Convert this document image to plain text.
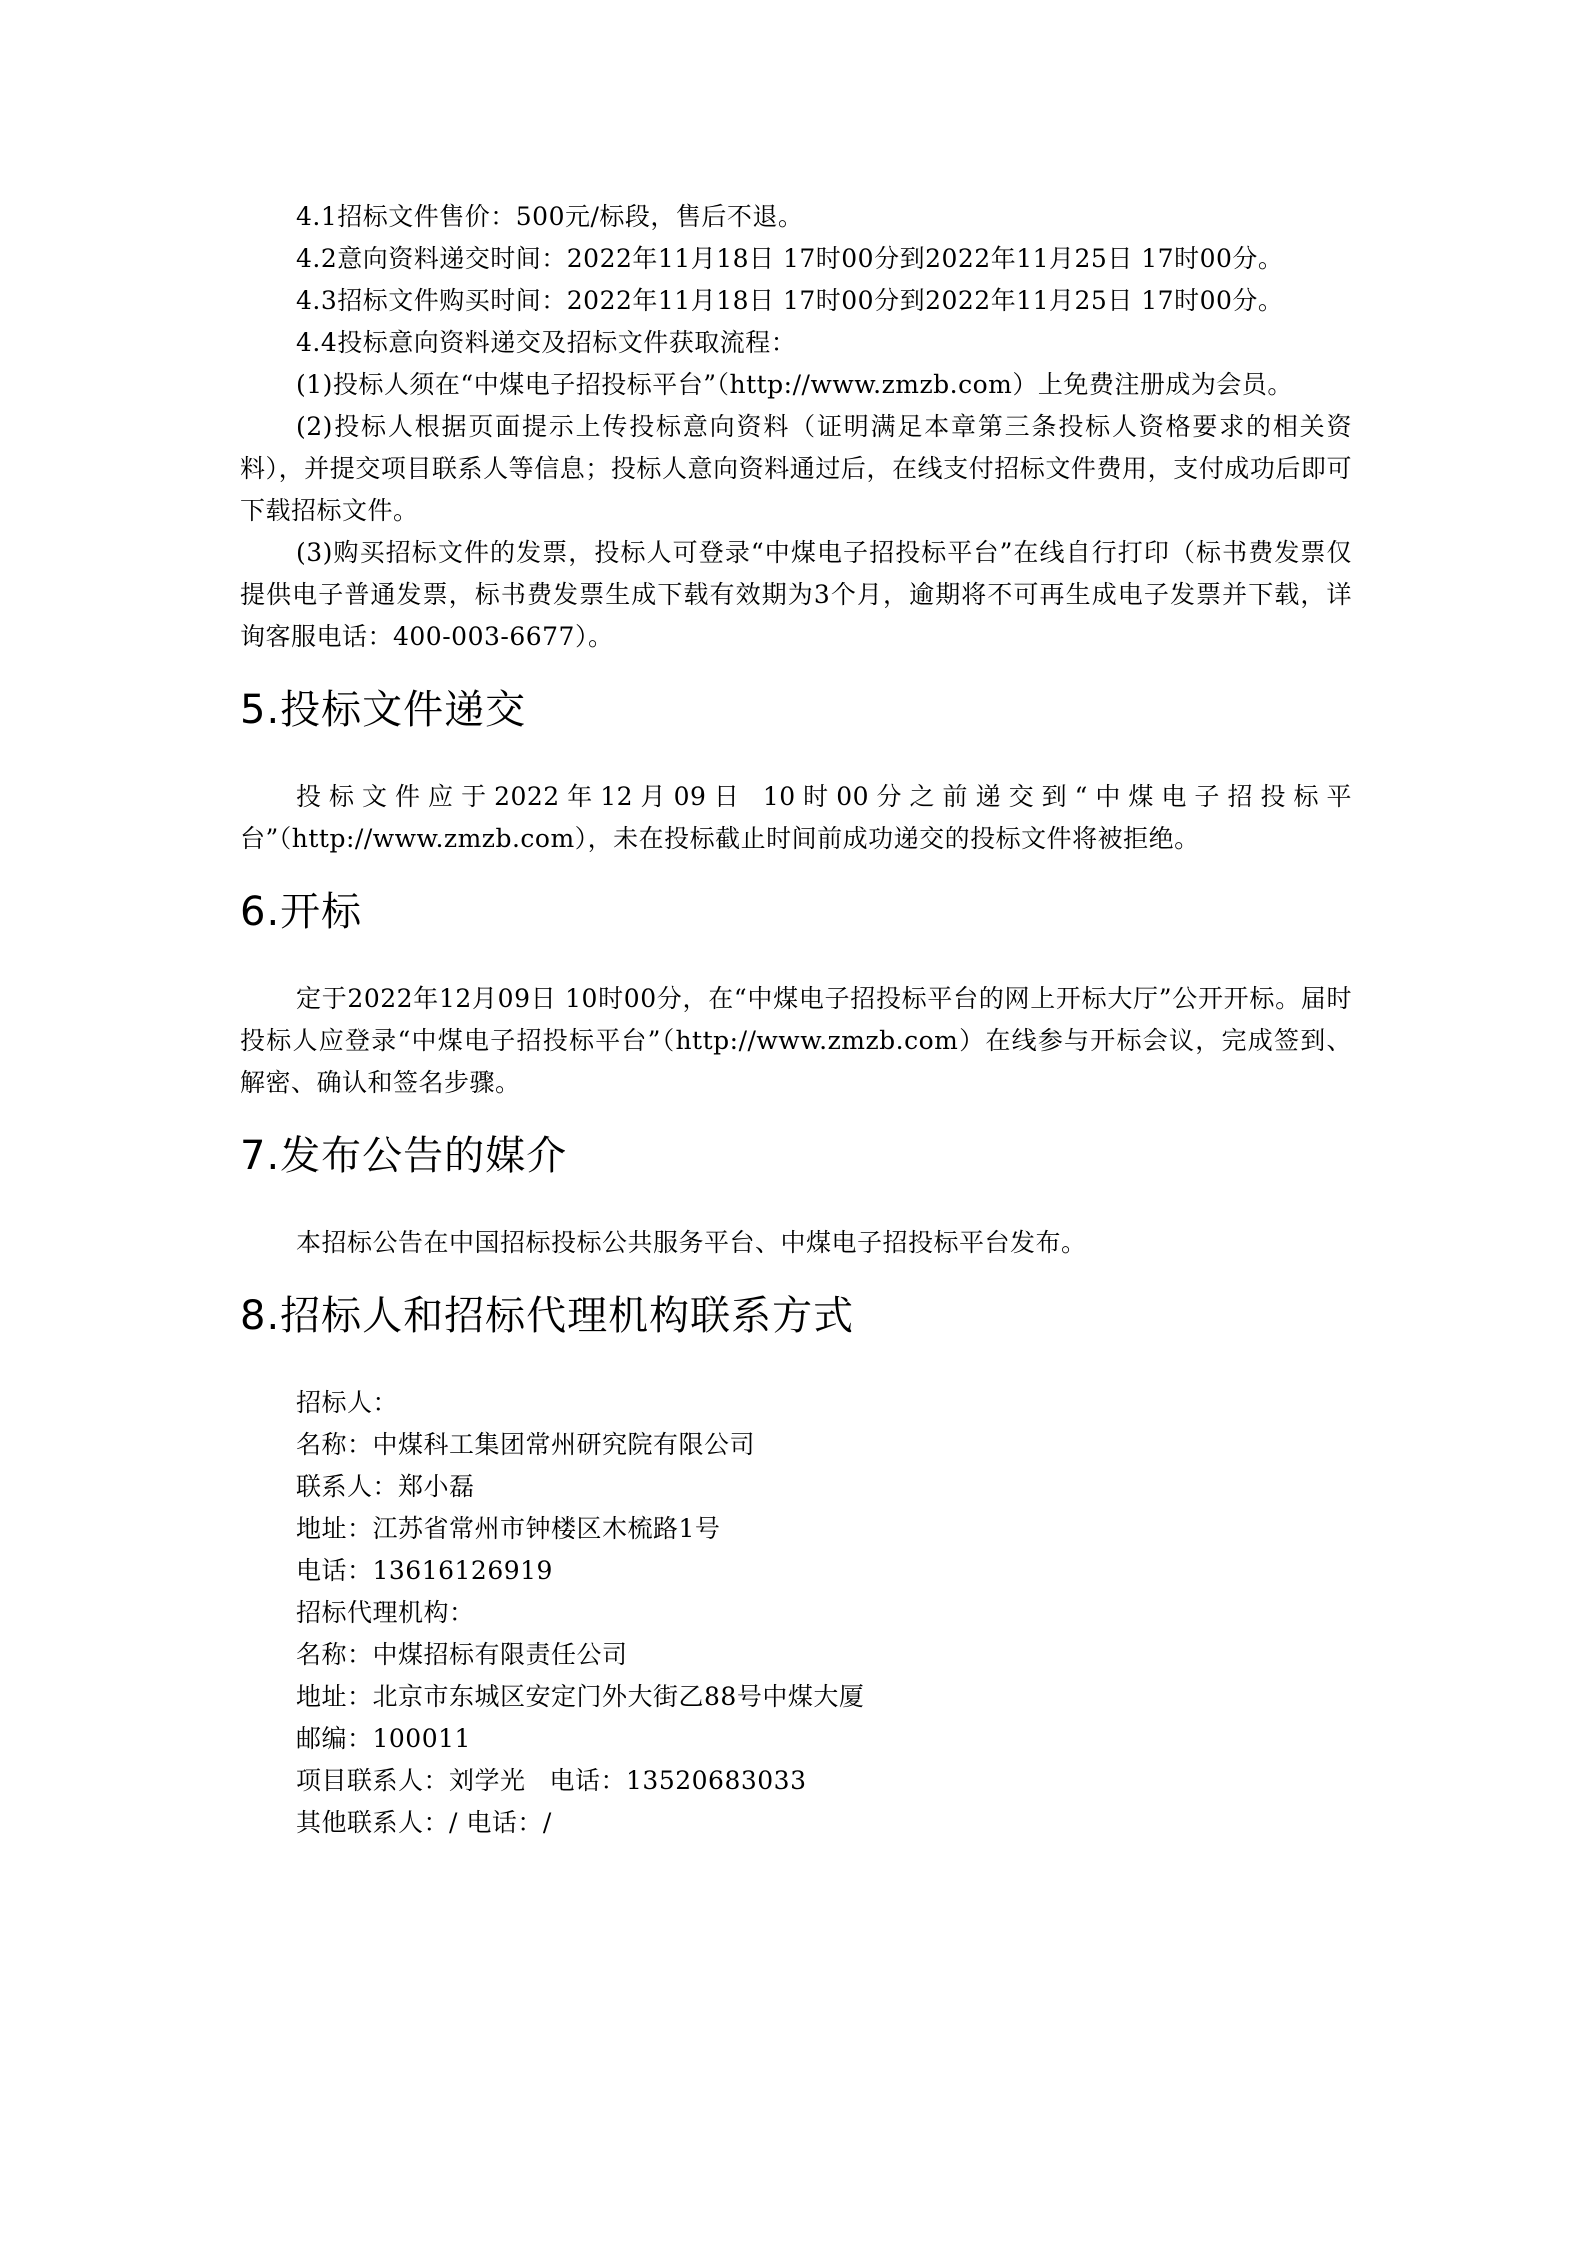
4.1招标文件售价：500元/标段，售后不退。

4.2意向资料递交时间：2022年11月18日 17时00分到2022年11月25日 17时00分。

4.3招标文件购买时间：2022年11月18日 17时00分到2022年11月25日 17时00分。

4.4投标意向资料递交及招标文件获取流程：

(1)投标人须在“中煤电子招投标平台”（http://www.zmzb.com）上免费注册成为会员。

(2)投标人根据页面提示上传投标意向资料（证明满足本章第三条投标人资格要求的相关资料），并提交项目联系人等信息；投标人意向资料通过后，在线支付招标文件费用，支付成功后即可下载招标文件。

(3)购买招标文件的发票，投标人可登录“中煤电子招投标平台”在线自行打印（标书费发票仅提供电子普通发票，标书费发票生成下载有效期为3个月，逾期将不可再生成电子发票并下载，详询客服电话：400-003-6677）。

5.投标文件递交

投标文件应于2022年12月09日 10时00分之前递交到“中煤电子招投标平台”（http://www.zmzb.com），未在投标截止时间前成功递交的投标文件将被拒绝。

6.开标

定于2022年12月09日 10时00分，在“中煤电子招投标平台的网上开标大厅”公开开标。届时投标人应登录“中煤电子招投标平台”（http://www.zmzb.com）在线参与开标会议，完成签到、解密、确认和签名步骤。

7.发布公告的媒介

本招标公告在中国招标投标公共服务平台、中煤电子招投标平台发布。

8.招标人和招标代理机构联系方式

招标人：

名称：中煤科工集团常州研究院有限公司

联系人：郑小磊

地址：江苏省常州市钟楼区木梳路1号

电话：13616126919

招标代理机构：

名称：中煤招标有限责任公司

地址：北京市东城区安定门外大街乙88号中煤大厦

邮编：100011

项目联系人：刘学光 电话：13520683033

其他联系人：/ 电话：/
